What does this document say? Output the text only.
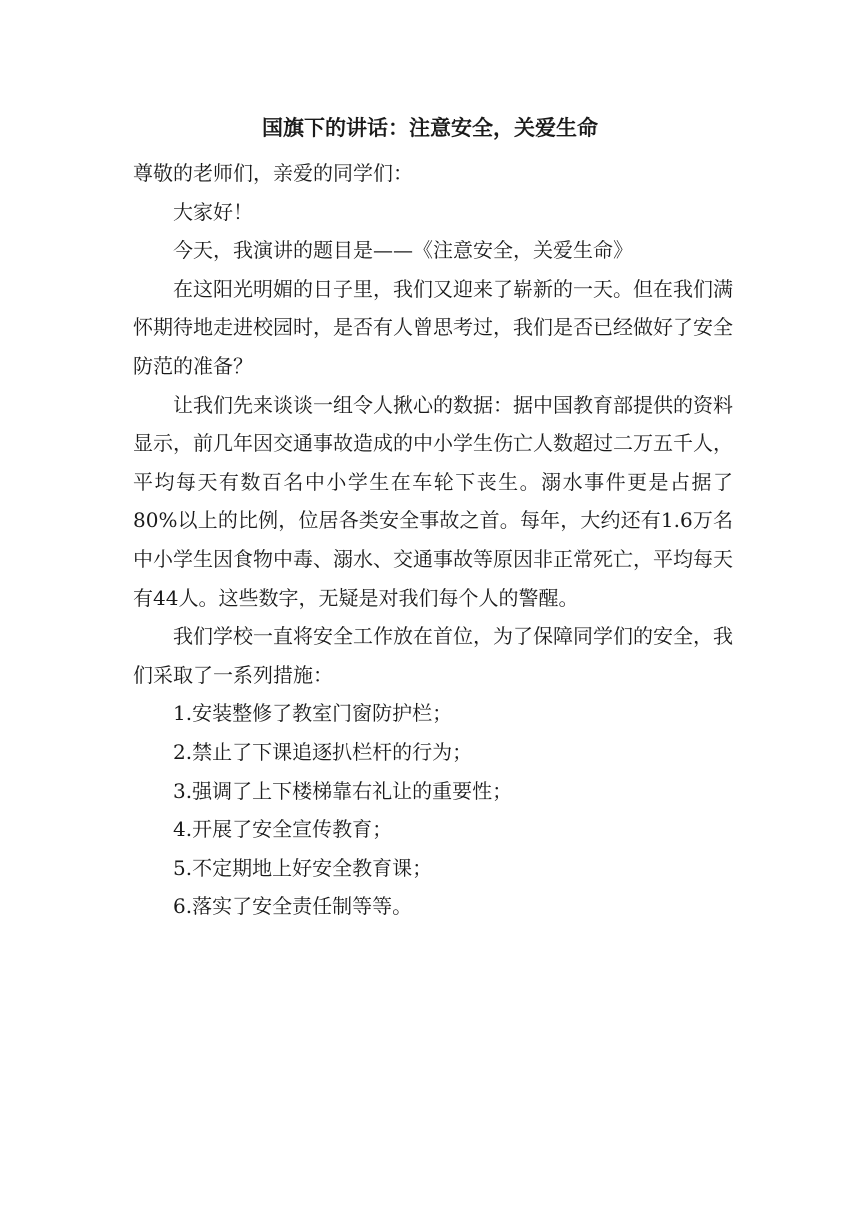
国旗下的讲话：注意安全，关爱生命

尊敬的老师们，亲爱的同学们：

大家好！

今天，我演讲的题目是——《注意安全，关爱生命》

在这阳光明媚的日子里，我们又迎来了崭新的一天。但在我们满怀期待地走进校园时，是否有人曾思考过，我们是否已经做好了安全防范的准备？

让我们先来谈谈一组令人揪心的数据：据中国教育部提供的资料显示，前几年因交通事故造成的中小学生伤亡人数超过二万五千人，平均每天有数百名中小学生在车轮下丧生。溺水事件更是占据了80%以上的比例，位居各类安全事故之首。每年，大约还有1.6万名中小学生因食物中毒、溺水、交通事故等原因非正常死亡，平均每天有44人。这些数字，无疑是对我们每个人的警醒。

我们学校一直将安全工作放在首位，为了保障同学们的安全，我们采取了一系列措施：

1.安装整修了教室门窗防护栏；

2.禁止了下课追逐扒栏杆的行为；

3.强调了上下楼梯靠右礼让的重要性；

4.开展了安全宣传教育；

5.不定期地上好安全教育课；

6.落实了安全责任制等等。
